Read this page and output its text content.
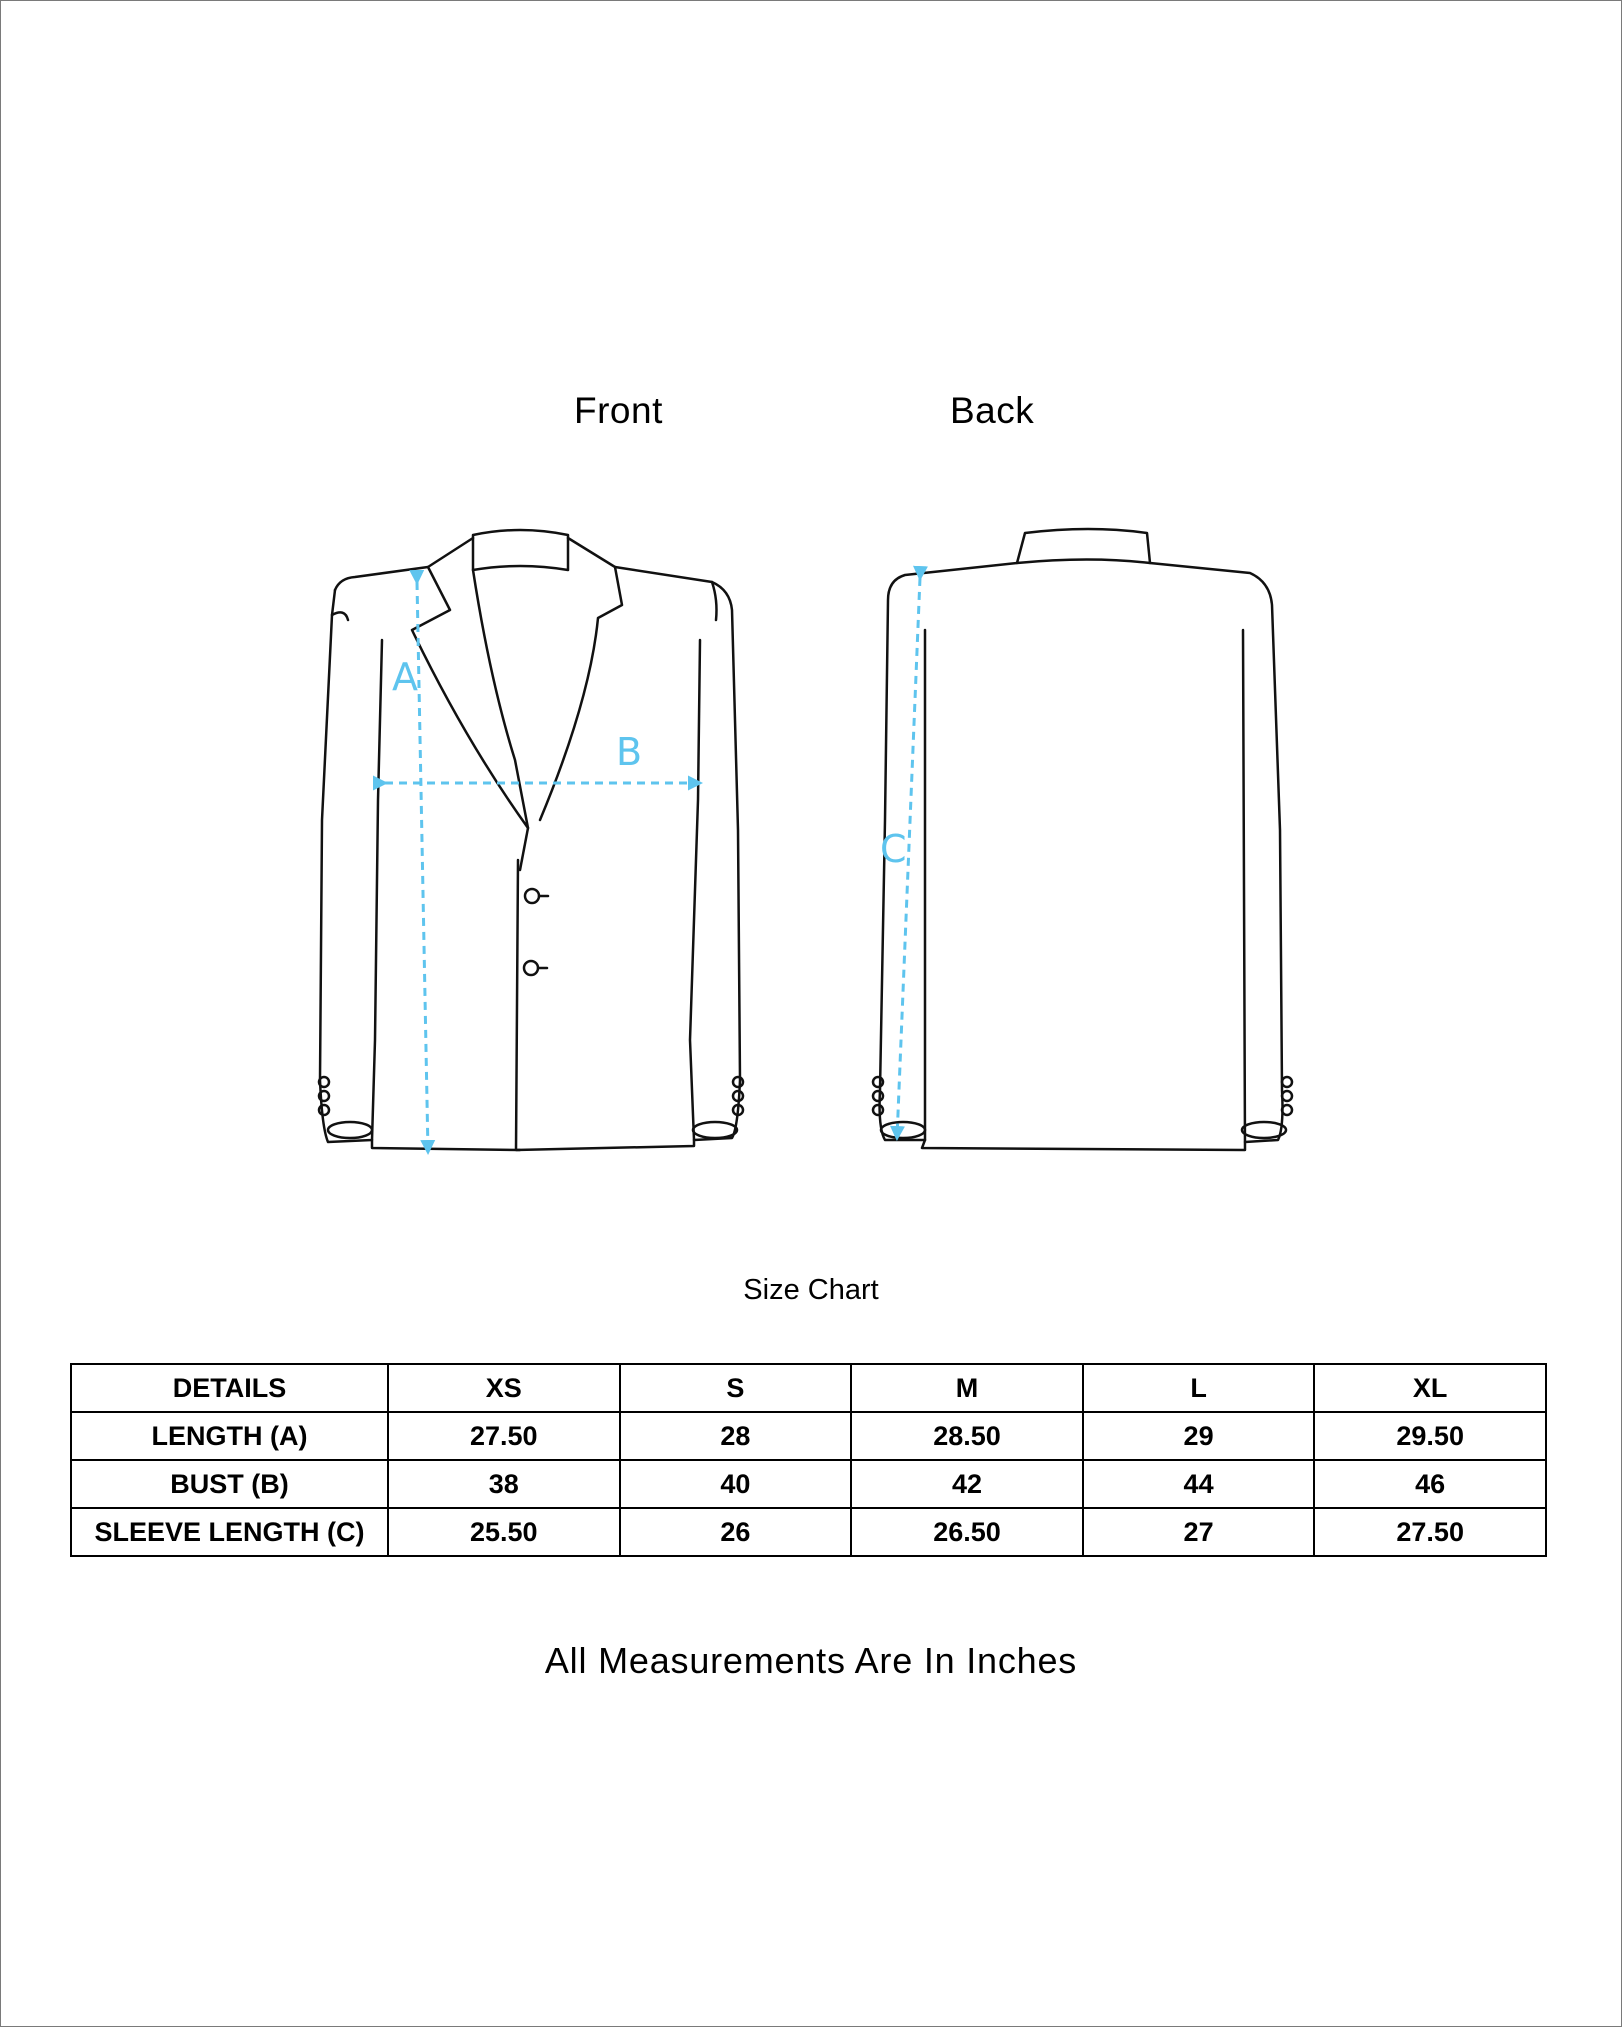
Front	Back
A
B
C
Size Chart
DETAILS	XS	S	M	L	XL
LENGTH (A)	27.50	28	28.50	29	29.50
BUST (B)	38	40	42	44	46
SLEEVE LENGTH (C)	25.50	26	26.50	27	27.50
All Measurements Are In Inches
